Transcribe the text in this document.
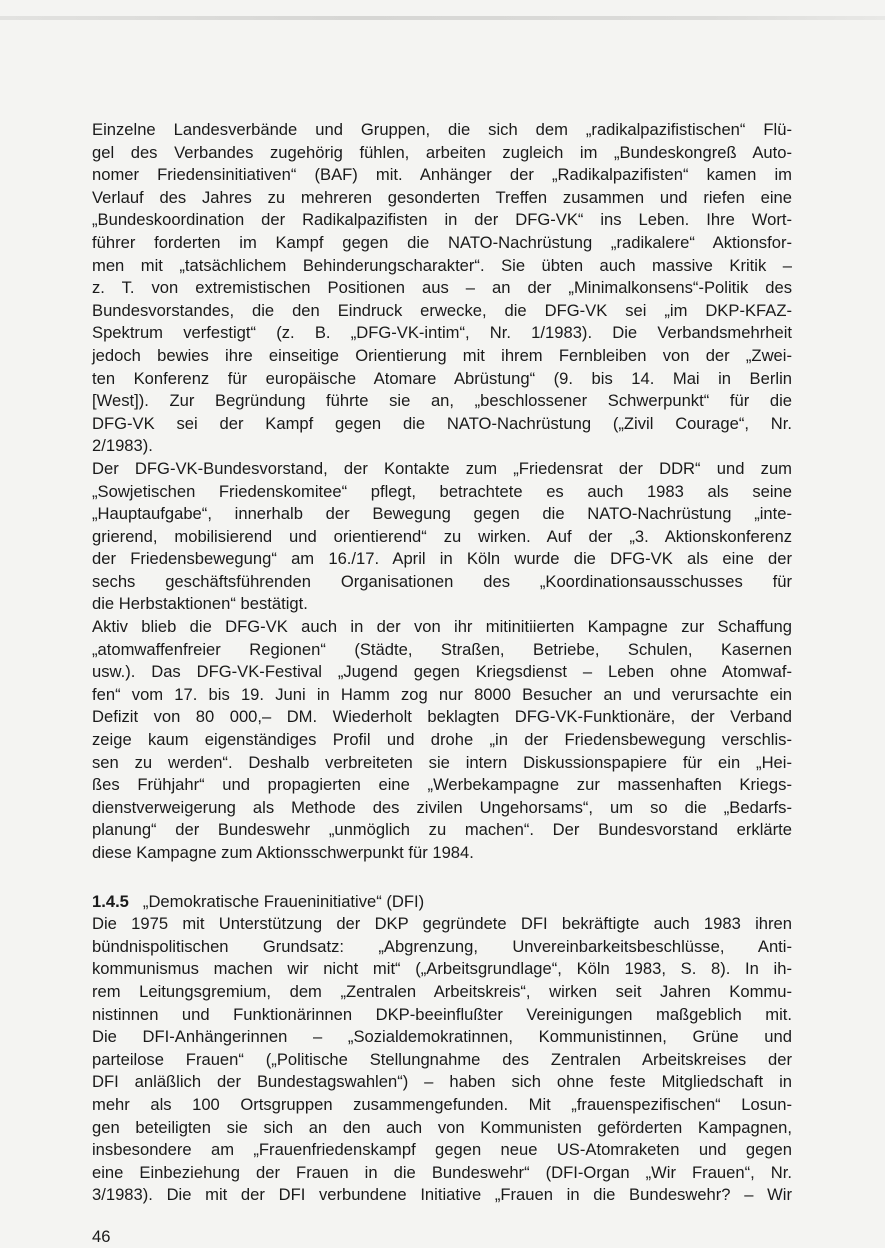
Einzelne Landesverbände und Gruppen, die sich dem „radikalpazifistischen“ Flü-
gel des Verbandes zugehörig fühlen, arbeiten zugleich im „Bundeskongreß Auto-
nomer Friedensinitiativen“ (BAF) mit. Anhänger der „Radikalpazifisten“ kamen im
Verlauf des Jahres zu mehreren gesonderten Treffen zusammen und riefen eine
„Bundeskoordination der Radikalpazifisten in der DFG-VK“ ins Leben. Ihre Wort-
führer forderten im Kampf gegen die NATO-Nachrüstung „radikalere“ Aktionsfor-
men mit „tatsächlichem Behinderungscharakter“. Sie übten auch massive Kritik –
z. T. von extremistischen Positionen aus – an der „Minimalkonsens“-Politik des
Bundesvorstandes, die den Eindruck erwecke, die DFG-VK sei „im DKP-KFAZ-
Spektrum verfestigt“ (z. B. „DFG-VK-intim“, Nr. 1/1983). Die Verbandsmehrheit
jedoch bewies ihre einseitige Orientierung mit ihrem Fernbleiben von der „Zwei-
ten Konferenz für europäische Atomare Abrüstung“ (9. bis 14. Mai in Berlin
[West]). Zur Begründung führte sie an, „beschlossener Schwerpunkt“ für die
DFG-VK sei der Kampf gegen die NATO-Nachrüstung („Zivil Courage“, Nr.
2/1983).
Der DFG-VK-Bundesvorstand, der Kontakte zum „Friedensrat der DDR“ und zum
„Sowjetischen Friedenskomitee“ pflegt, betrachtete es auch 1983 als seine
„Hauptaufgabe“, innerhalb der Bewegung gegen die NATO-Nachrüstung „inte-
grierend, mobilisierend und orientierend“ zu wirken. Auf der „3. Aktionskonferenz
der Friedensbewegung“ am 16./17. April in Köln wurde die DFG-VK als eine der
sechs geschäftsführenden Organisationen des „Koordinationsausschusses für
die Herbstaktionen“ bestätigt.
Aktiv blieb die DFG-VK auch in der von ihr mitinitiierten Kampagne zur Schaffung
„atomwaffenfreier Regionen“ (Städte, Straßen, Betriebe, Schulen, Kasernen
usw.). Das DFG-VK-Festival „Jugend gegen Kriegsdienst – Leben ohne Atomwaf-
fen“ vom 17. bis 19. Juni in Hamm zog nur 8000 Besucher an und verursachte ein
Defizit von 80 000,– DM. Wiederholt beklagten DFG-VK-Funktionäre, der Verband
zeige kaum eigenständiges Profil und drohe „in der Friedensbewegung verschlis-
sen zu werden“. Deshalb verbreiteten sie intern Diskussionspapiere für ein „Hei-
ßes Frühjahr“ und propagierten eine „Werbekampagne zur massenhaften Kriegs-
dienstverweigerung als Methode des zivilen Ungehorsams“, um so die „Bedarfs-
planung“ der Bundeswehr „unmöglich zu machen“. Der Bundesvorstand erklärte
diese Kampagne zum Aktionsschwerpunkt für 1984.
1.4.5 „Demokratische Fraueninitiative“ (DFI)
Die 1975 mit Unterstützung der DKP gegründete DFI bekräftigte auch 1983 ihren
bündnispolitischen Grundsatz: „Abgrenzung, Unvereinbarkeitsbeschlüsse, Anti-
kommunismus machen wir nicht mit“ („Arbeitsgrundlage“, Köln 1983, S. 8). In ih-
rem Leitungsgremium, dem „Zentralen Arbeitskreis“, wirken seit Jahren Kommu-
nistinnen und Funktionärinnen DKP-beeinflußter Vereinigungen maßgeblich mit.
Die DFI-Anhängerinnen – „Sozialdemokratinnen, Kommunistinnen, Grüne und
parteilose Frauen“ („Politische Stellungnahme des Zentralen Arbeitskreises der
DFI anläßlich der Bundestagswahlen“) – haben sich ohne feste Mitgliedschaft in
mehr als 100 Ortsgruppen zusammengefunden. Mit „frauenspezifischen“ Losun-
gen beteiligten sie sich an den auch von Kommunisten geförderten Kampagnen,
insbesondere am „Frauenfriedenskampf gegen neue US-Atomraketen und gegen
eine Einbeziehung der Frauen in die Bundeswehr“ (DFI-Organ „Wir Frauen“, Nr.
3/1983). Die mit der DFI verbundene Initiative „Frauen in die Bundeswehr? – Wir
46
